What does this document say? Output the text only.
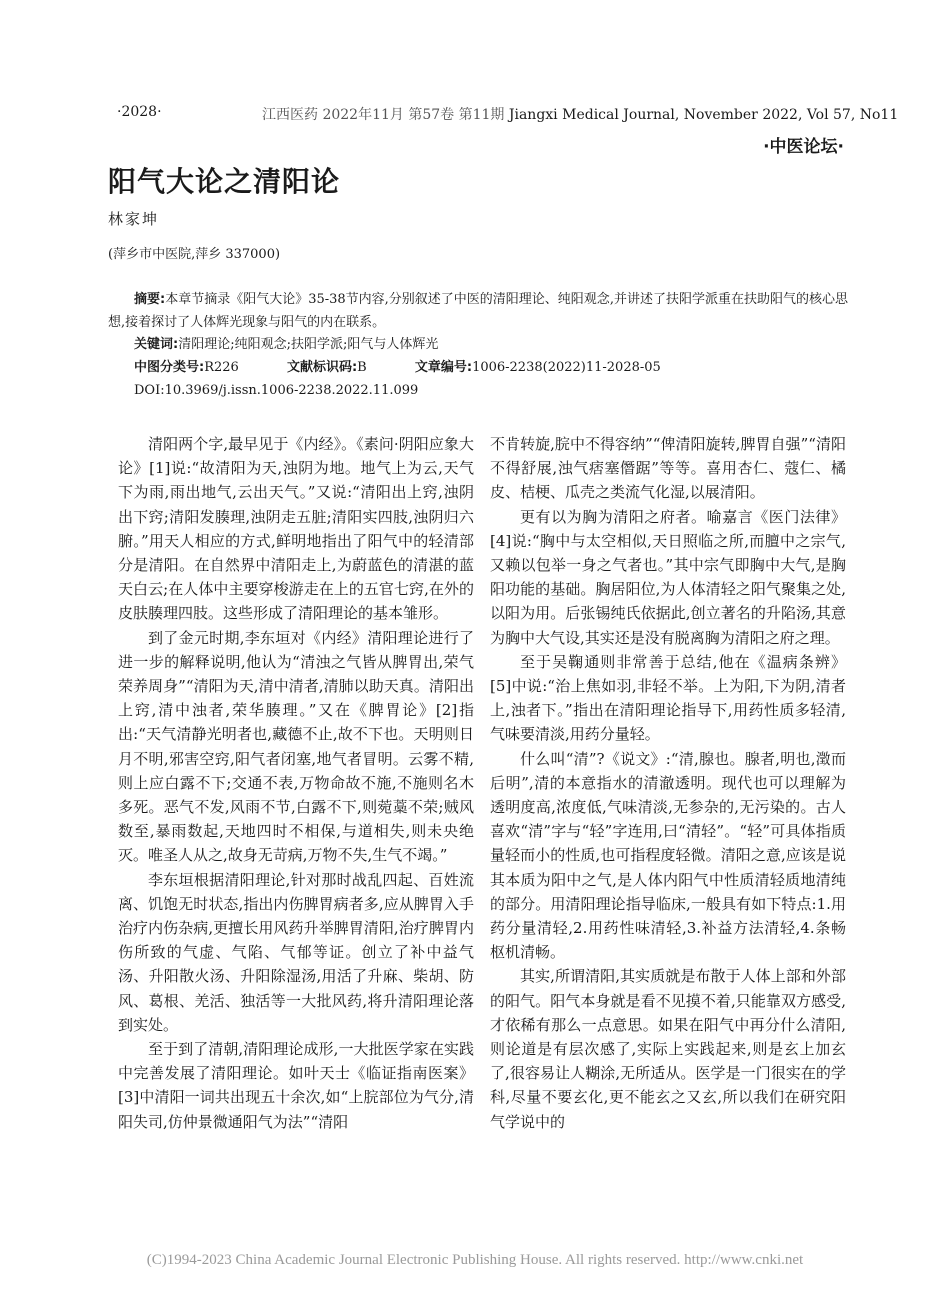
·2028·	江西医药 2022年11月 第57卷 第11期 Jiangxi Medical Journal, November 2022, Vol 57, No11
·中医论坛·
阳气大论之清阳论
林家坤
(萍乡市中医院,萍乡 337000)
摘要:本章节摘录《阳气大论》35-38节内容,分别叙述了中医的清阳理论、纯阳观念,并讲述了扶阳学派重在扶助阳气的核心思想,接着探讨了人体辉光现象与阳气的内在联系。
关键词:清阳理论;纯阳观念;扶阳学派;阳气与人体辉光
中图分类号:R226	文献标识码:B	文章编号:1006-2238(2022)11-2028-05
DOI:10.3969/j.issn.1006-2238.2022.11.099

清阳两个字,最早见于《内经》。《素问·阴阳应象大论》[1]说:“故清阳为天,浊阴为地。地气上为云,天气下为雨,雨出地气,云出天气。”又说:“清阳出上窍,浊阴出下窍;清阳发腠理,浊阴走五脏;清阳实四肢,浊阴归六腑。”用天人相应的方式,鲜明地指出了阳气中的轻清部分是清阳。在自然界中清阳走上,为蔚蓝色的清湛的蓝天白云;在人体中主要穿梭游走在上的五官七窍,在外的皮肤腠理四肢。这些形成了清阳理论的基本雏形。

到了金元时期,李东垣对《内经》清阳理论进行了进一步的解释说明,他认为“清浊之气皆从脾胃出,荣气荣养周身”“清阳为天,清中清者,清肺以助天真。清阳出上窍,清中浊者,荣华腠理。”又在《脾胃论》[2]指出:“天气清静光明者也,藏德不止,故不下也。天明则日月不明,邪害空窍,阳气者闭塞,地气者冒明。云雾不精,则上应白露不下;交通不表,万物命故不施,不施则名木多死。恶气不发,风雨不节,白露不下,则菀藁不荣;贼风数至,暴雨数起,天地四时不相保,与道相失,则未央绝灭。唯圣人从之,故身无苛病,万物不失,生气不竭。”

李东垣根据清阳理论,针对那时战乱四起、百姓流离、饥饱无时状态,指出内伤脾胃病者多,应从脾胃入手治疗内伤杂病,更擅长用风药升举脾胃清阳,治疗脾胃内伤所致的气虚、气陷、气郁等证。创立了补中益气汤、升阳散火汤、升阳除湿汤,用活了升麻、柴胡、防风、葛根、羌活、独活等一大批风药,将升清阳理论落到实处。

至于到了清朝,清阳理论成形,一大批医学家在实践中完善发展了清阳理论。如叶天士《临证指南医案》[3]中清阳一词共出现五十余次,如“上脘部位为气分,清阳失司,仿仲景微通阳气为法”“清阳

不肯转旋,脘中不得容纳”“俾清阳旋转,脾胃自强”“清阳不得舒展,浊气痞塞僭踞”等等。喜用杏仁、蔻仁、橘皮、桔梗、瓜壳之类流气化湿,以展清阳。

更有以为胸为清阳之府者。喻嘉言《医门法律》[4]说:“胸中与太空相似,天日照临之所,而膻中之宗气,又赖以包举一身之气者也。”其中宗气即胸中大气,是胸阳功能的基础。胸居阳位,为人体清轻之阳气聚集之处,以阳为用。后张锡纯氏依据此,创立著名的升陷汤,其意为胸中大气设,其实还是没有脱离胸为清阳之府之理。

至于吴鞠通则非常善于总结,他在《温病条辨》[5]中说:“治上焦如羽,非轻不举。上为阳,下为阴,清者上,浊者下。”指出在清阳理论指导下,用药性质多轻清,气味要清淡,用药分量轻。

什么叫“清”?《说文》:“清,腺也。腺者,明也,澂而后明”,清的本意指水的清澈透明。现代也可以理解为透明度高,浓度低,气味清淡,无参杂的,无污染的。古人喜欢“清”字与“轻”字连用,曰“清轻”。“轻”可具体指质量轻而小的性质,也可指程度轻微。清阳之意,应该是说其本质为阳中之气,是人体内阳气中性质清轻质地清纯的部分。用清阳理论指导临床,一般具有如下特点:1.用药分量清轻,2.用药性味清轻,3.补益方法清轻,4.条畅枢机清畅。

其实,所谓清阳,其实质就是布散于人体上部和外部的阳气。阳气本身就是看不见摸不着,只能靠双方感受,才依稀有那么一点意思。如果在阳气中再分什么清阳,则论道是有层次感了,实际上实践起来,则是玄上加玄了,很容易让人糊涂,无所适从。医学是一门很实在的学科,尽量不要玄化,更不能玄之又玄,所以我们在研究阳气学说中的

(C)1994-2023 China Academic Journal Electronic Publishing House. All rights reserved. http://www.cnki.net
